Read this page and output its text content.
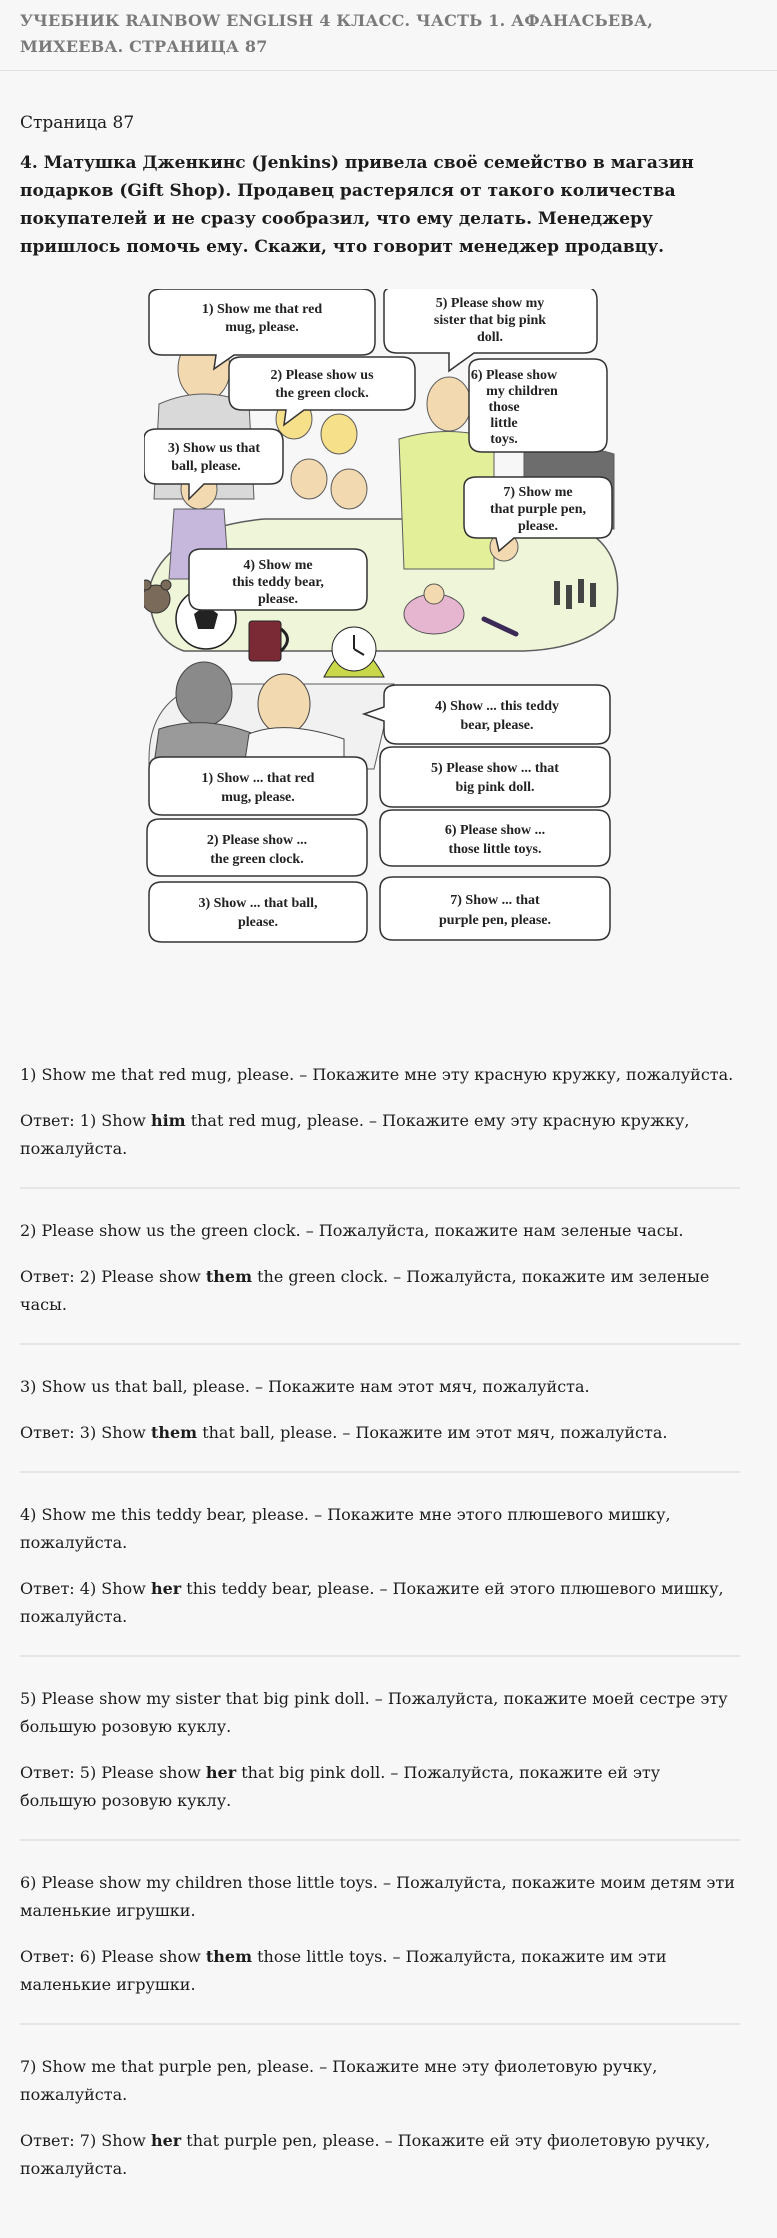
УЧЕБНИК RAINBOW ENGLISH 4 КЛАСС. ЧАСТЬ 1. АФАНАСЬЕВА, МИХЕЕВА. СТРАНИЦА 87
Страница 87

4. Матушка Дженкинс (Jenkins) привела своё семейство в магазин подарков (Gift Shop). Продавец растерялся от такого количества покупателей и не сразу сообразил, что ему делать. Менеджеру пришлось помочь ему. Скажи, что говорит менеджер продавцу.

1) Show me that red
mug, please.
5) Please show my
sister that big pink
doll.
2) Please show us
the green clock.
6) Please show
my children
those
little
toys.
3) Show us that
ball, please.
7) Show me
that purple pen,
please.
4) Show me
this teddy bear,
please.
4) Show ... this teddy
bear, please.
1) Show ... that red
mug, please.
5) Please show ... that
big pink doll.
2) Please show ...
the green clock.
6) Please show ...
those little toys.
3) Show ... that ball,
please.
7) Show ... that
purple pen, please.

1) Show me that red mug, please. – Покажите мне эту красную кружку, пожалуйста.

Ответ: 1) Show him that red mug, please. – Покажите ему эту красную кружку, пожалуйста.

2) Please show us the green clock. – Пожалуйста, покажите нам зеленые часы.

Ответ: 2) Please show them the green clock. – Пожалуйста, покажите им зеленые часы.

3) Show us that ball, please. – Покажите нам этот мяч, пожалуйста.

Ответ: 3) Show them that ball, please. – Покажите им этот мяч, пожалуйста.

4) Show me this teddy bear, please. – Покажите мне этого плюшевого мишку, пожалуйста.

Ответ: 4) Show her this teddy bear, please. – Покажите ей этого плюшевого мишку, пожалуйста.

5) Please show my sister that big pink doll. – Пожалуйста, покажите моей сестре эту большую розовую куклу.

Ответ: 5) Please show her that big pink doll. – Пожалуйста, покажите ей эту большую розовую куклу.

6) Please show my children those little toys. – Пожалуйста, покажите моим детям эти маленькие игрушки.

Ответ: 6) Please show them those little toys. – Пожалуйста, покажите им эти маленькие игрушки.

7) Show me that purple pen, please. – Покажите мне эту фиолетовую ручку, пожалуйста.

Ответ: 7) Show her that purple pen, please. – Покажите ей эту фиолетовую ручку, пожалуйста.
